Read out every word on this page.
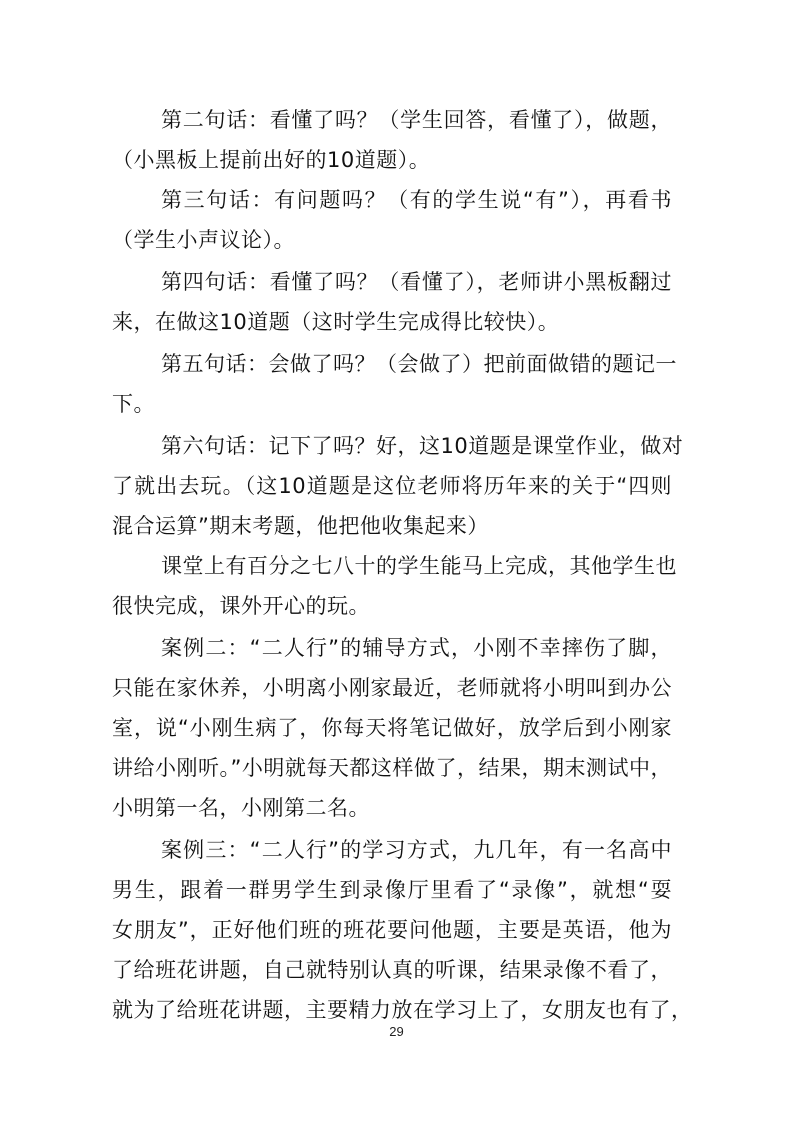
第二句话：看懂了吗？（学生回答，看懂了），做题，
（小黑板上提前出好的10道题）。
第三句话：有问题吗？（有的学生说“有”），再看书
（学生小声议论）。
第四句话：看懂了吗？（看懂了），老师讲小黑板翻过
来，在做这10道题（这时学生完成得比较快）。
第五句话：会做了吗？（会做了）把前面做错的题记一
下。
第六句话：记下了吗？好，这10道题是课堂作业，做对
了就出去玩。（这10道题是这位老师将历年来的关于“四则
混合运算”期末考题，他把他收集起来）
课堂上有百分之七八十的学生能马上完成，其他学生也
很快完成，课外开心的玩。
案例二：“二人行”的辅导方式，小刚不幸摔伤了脚，
只能在家休养，小明离小刚家最近，老师就将小明叫到办公
室，说“小刚生病了，你每天将笔记做好，放学后到小刚家
讲给小刚听。”小明就每天都这样做了，结果，期末测试中，
小明第一名，小刚第二名。
案例三：“二人行”的学习方式，九几年，有一名高中
男生，跟着一群男学生到录像厅里看了“录像”，就想“耍
女朋友”，正好他们班的班花要问他题，主要是英语，他为
了给班花讲题，自己就特别认真的听课，结果录像不看了，
就为了给班花讲题，主要精力放在学习上了，女朋友也有了，
29
